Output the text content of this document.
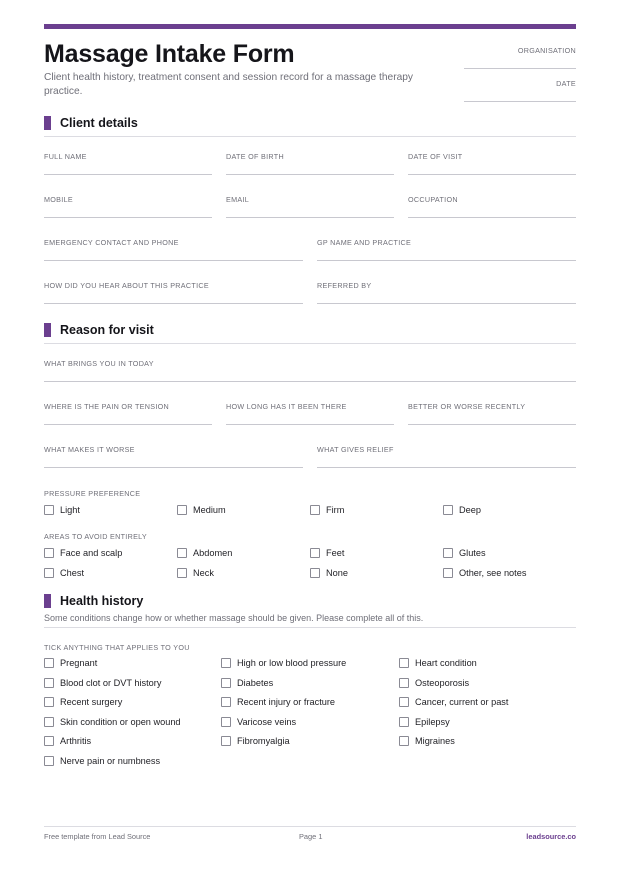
Massage Intake Form

Client health history, treatment consent and session record for a massage therapy practice.

ORGANISATION
DATE
Client details
FULL NAME	DATE OF BIRTH	DATE OF VISIT
MOBILE	EMAIL	OCCUPATION
EMERGENCY CONTACT AND PHONE	GP NAME AND PRACTICE
HOW DID YOU HEAR ABOUT THIS PRACTICE	REFERRED BY
Reason for visit
WHAT BRINGS YOU IN TODAY
WHERE IS THE PAIN OR TENSION	HOW LONG HAS IT BEEN THERE	BETTER OR WORSE RECENTLY
WHAT MAKES IT WORSE	WHAT GIVES RELIEF
PRESSURE PREFERENCE
Light	Medium	Firm	Deep
AREAS TO AVOID ENTIRELY
Face and scalp	Abdomen	Feet	Glutes
Chest	Neck	None	Other, see notes
Health history
Some conditions change how or whether massage should be given. Please complete all of this.
TICK ANYTHING THAT APPLIES TO YOU
Pregnant	High or low blood pressure	Heart condition
Blood clot or DVT history	Diabetes	Osteoporosis
Recent surgery	Recent injury or fracture	Cancer, current or past
Skin condition or open wound	Varicose veins	Epilepsy
Arthritis	Fibromyalgia	Migraines
Nerve pain or numbness
Free template from Lead Source	Page 1	leadsource.co
